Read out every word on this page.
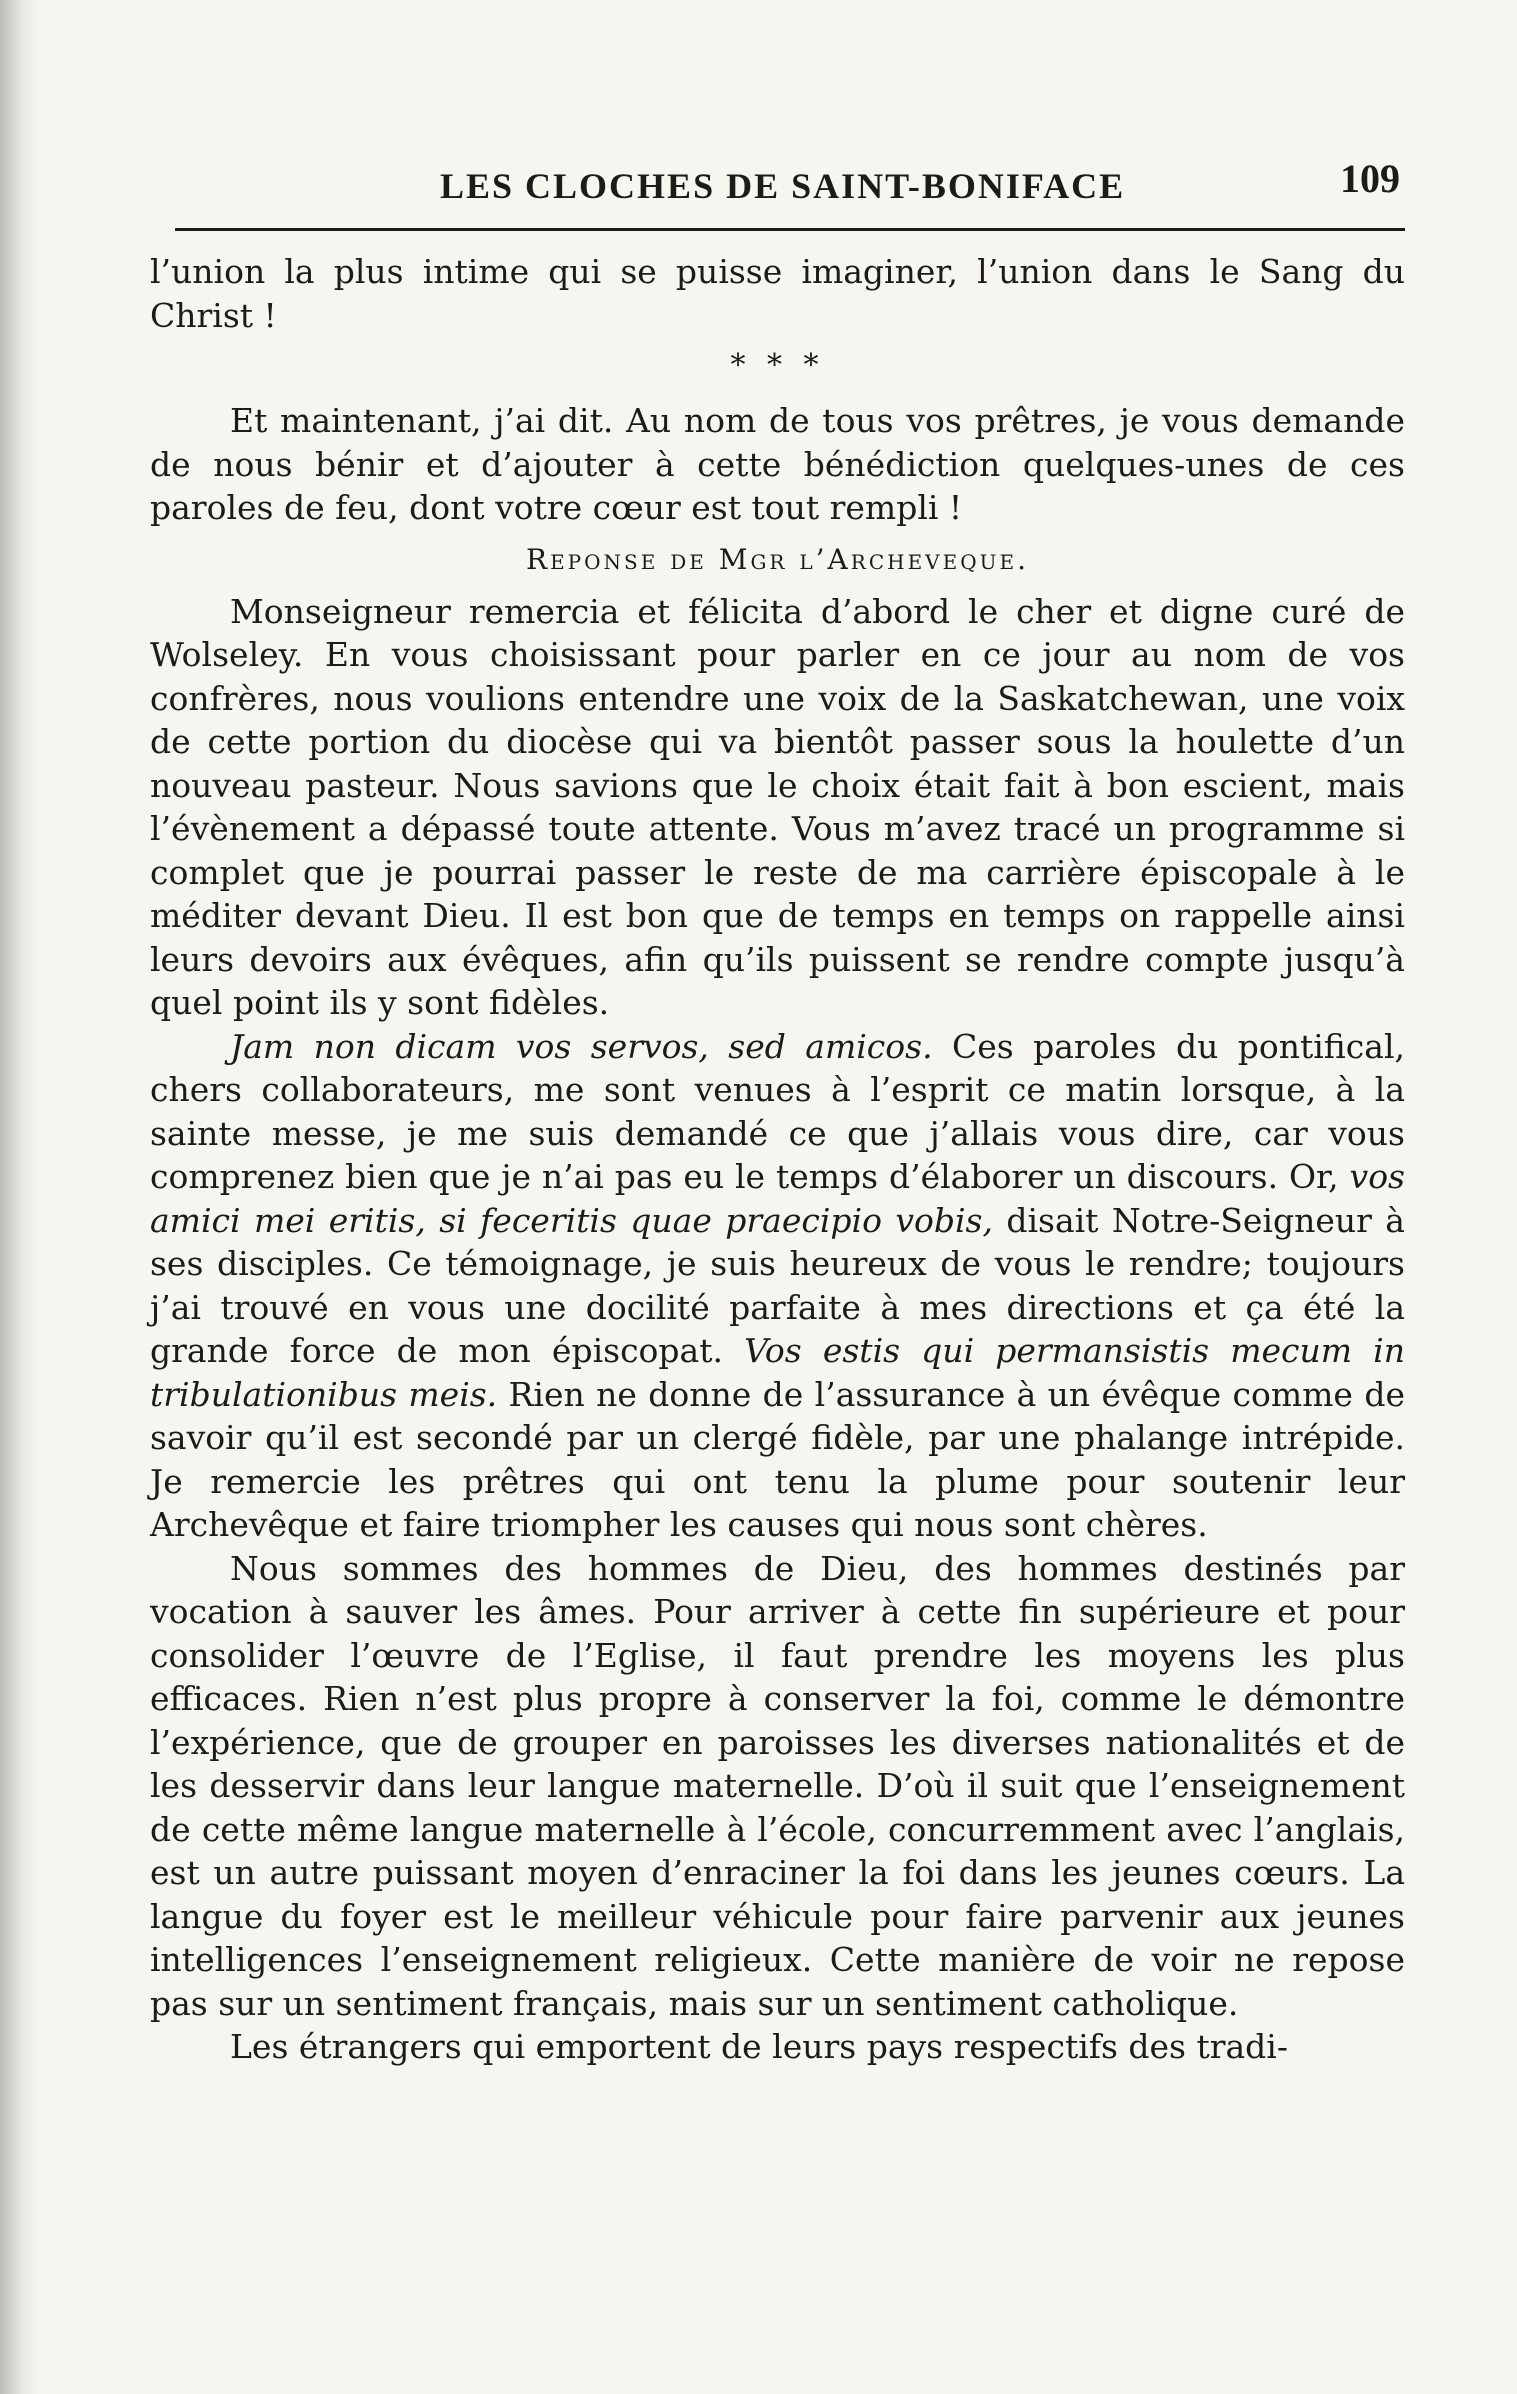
LES CLOCHES DE SAINT-BONIFACE	109

l’union la plus intime qui se puisse imaginer, l’union dans le Sang du Christ !

* * *

Et maintenant, j’ai dit. Au nom de tous vos prêtres, je vous demande de nous bénir et d’ajouter à cette bénédiction quelques-unes de ces paroles de feu, dont votre cœur est tout rempli !

Reponse de Mgr l’Archeveque.

Monseigneur remercia et félicita d’abord le cher et digne curé de Wolseley. En vous choisissant pour parler en ce jour au nom de vos confrères, nous voulions entendre une voix de la Saskatchewan, une voix de cette portion du diocèse qui va bientôt passer sous la houlette d’un nouveau pasteur. Nous savions que le choix était fait à bon escient, mais l’évènement a dépassé toute attente. Vous m’avez tracé un programme si complet que je pourrai passer le reste de ma carrière épiscopale à le méditer devant Dieu. Il est bon que de temps en temps on rappelle ainsi leurs devoirs aux évêques, afin qu’ils puissent se rendre compte jusqu’à quel point ils y sont fidèles.

Jam non dicam vos servos, sed amicos. Ces paroles du pontifical, chers collaborateurs, me sont venues à l’esprit ce matin lorsque, à la sainte messe, je me suis demandé ce que j’allais vous dire, car vous comprenez bien que je n’ai pas eu le temps d’élaborer un discours. Or, vos amici mei eritis, si feceritis quae praecipio vobis, disait Notre-Seigneur à ses disciples. Ce témoignage, je suis heureux de vous le rendre; toujours j’ai trouvé en vous une docilité parfaite à mes directions et ça été la grande force de mon épiscopat. Vos estis qui permansistis mecum in tribulationibus meis. Rien ne donne de l’assurance à un évêque comme de savoir qu’il est secondé par un clergé fidèle, par une phalange intrépide. Je remercie les prêtres qui ont tenu la plume pour soutenir leur Archevêque et faire triompher les causes qui nous sont chères.

Nous sommes des hommes de Dieu, des hommes destinés par vocation à sauver les âmes. Pour arriver à cette fin supérieure et pour consolider l’œuvre de l’Eglise, il faut prendre les moyens les plus efficaces. Rien n’est plus propre à conserver la foi, comme le démontre l’expérience, que de grouper en paroisses les diverses nationalités et de les desservir dans leur langue maternelle. D’où il suit que l’enseignement de cette même langue maternelle à l’école, concurremment avec l’anglais, est un autre puissant moyen d’enraciner la foi dans les jeunes cœurs. La langue du foyer est le meilleur véhicule pour faire parvenir aux jeunes intelligences l’enseignement religieux. Cette manière de voir ne repose pas sur un sentiment français, mais sur un sentiment catholique.

Les étrangers qui emportent de leurs pays respectifs des tradi-
